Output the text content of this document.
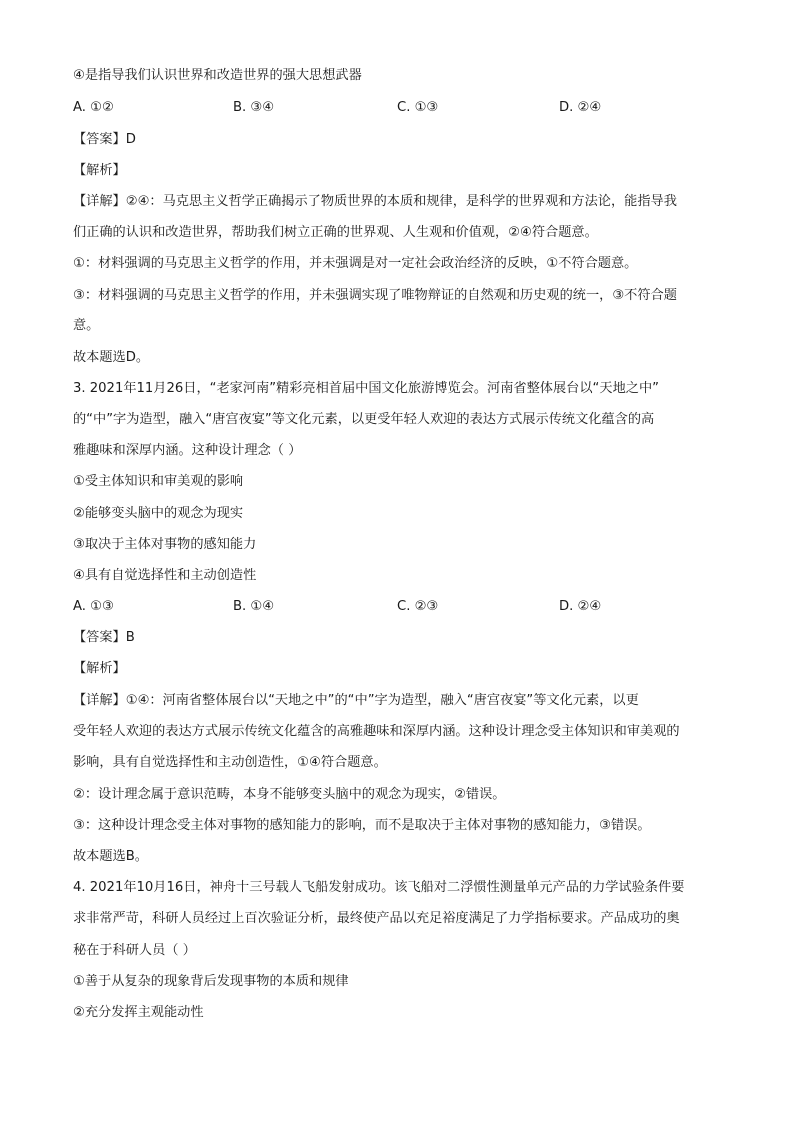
④是指导我们认识世界和改造世界的强大思想武器
A. ①②	B. ③④	C. ①③	D. ②④
【答案】D
【解析】
【详解】②④：马克思主义哲学正确揭示了物质世界的本质和规律，是科学的世界观和方法论，能指导我
们正确的认识和改造世界，帮助我们树立正确的世界观、人生观和价值观，②④符合题意。
①：材料强调的马克思主义哲学的作用，并未强调是对一定社会政治经济的反映，①不符合题意。
③：材料强调的马克思主义哲学的作用，并未强调实现了唯物辩证的自然观和历史观的统一，③不符合题
意。
故本题选D。
3. 2021年11月26日，“老家河南”精彩亮相首届中国文化旅游博览会。河南省整体展台以“天地之中”
的“中”字为造型，融入“唐宫夜宴”等文化元素，以更受年轻人欢迎的表达方式展示传统文化蕴含的高
雅趣味和深厚内涵。这种设计理念（ ）
①受主体知识和审美观的影响
②能够变头脑中的观念为现实
③取决于主体对事物的感知能力
④具有自觉选择性和主动创造性
A. ①③	B. ①④	C. ②③	D. ②④
【答案】B
【解析】
【详解】①④：河南省整体展台以“天地之中”的“中”字为造型，融入“唐宫夜宴”等文化元素，以更
受年轻人欢迎的表达方式展示传统文化蕴含的高雅趣味和深厚内涵。这种设计理念受主体知识和审美观的
影响，具有自觉选择性和主动创造性，①④符合题意。
②：设计理念属于意识范畴，本身不能够变头脑中的观念为现实，②错误。
③：这种设计理念受主体对事物的感知能力的影响，而不是取决于主体对事物的感知能力，③错误。
故本题选B。
4. 2021年10月16日，神舟十三号载人飞船发射成功。该飞船对二浮惯性测量单元产品的力学试验条件要
求非常严苛，科研人员经过上百次验证分析，最终使产品以充足裕度满足了力学指标要求。产品成功的奥
秘在于科研人员（ ）
①善于从复杂的现象背后发现事物的本质和规律
②充分发挥主观能动性
